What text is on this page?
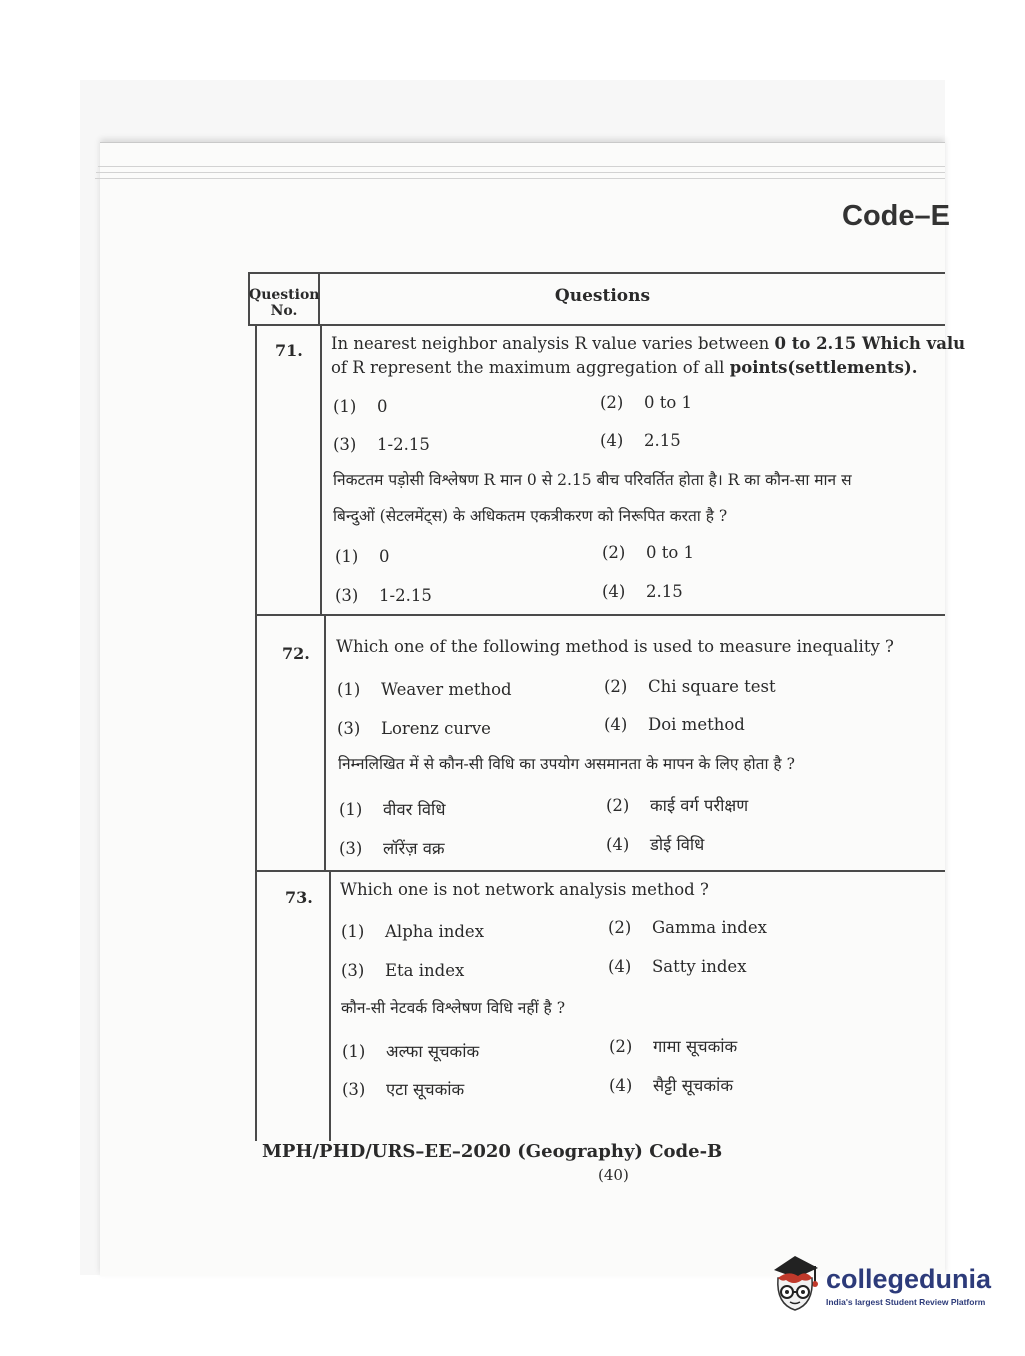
Code–E
Question No.
Questions
71. In nearest neighbor analysis R value varies between 0 to 2.15 Which valu
of R represent the maximum aggregation of all points(settlements).
(1) 0	(2) 0 to 1
(3) 1-2.15	(4) 2.15
निकटतम पड़ोसी विश्लेषण R मान 0 से 2.15 बीच परिवर्तित होता है। R का कौन-सा मान स
बिन्दुओं (सेटलमेंट्स) के अधिकतम एकत्रीकरण को निरूपित करता है ?
(1) 0	(2) 0 to 1
(3) 1-2.15	(4) 2.15
72. Which one of the following method is used to measure inequality ?
(1) Weaver method	(2) Chi square test
(3) Lorenz curve	(4) Doi method
निम्नलिखित में से कौन-सी विधि का उपयोग असमानता के मापन के लिए होता है ?
(1) वीवर विधि	(2) काई वर्ग परीक्षण
(3) लॉरेंज़ वक्र	(4) डोई विधि
73. Which one is not network analysis method ?
(1) Alpha index	(2) Gamma index
(3) Eta index	(4) Satty index
कौन-सी नेटवर्क विश्लेषण विधि नहीं है ?
(1) अल्फा सूचकांक	(2) गामा सूचकांक
(3) एटा सूचकांक	(4) सैट्टी सूचकांक
MPH/PHD/URS–EE–2020 (Geography) Code-B
(40)
collegedunia
India's largest Student Review Platform
